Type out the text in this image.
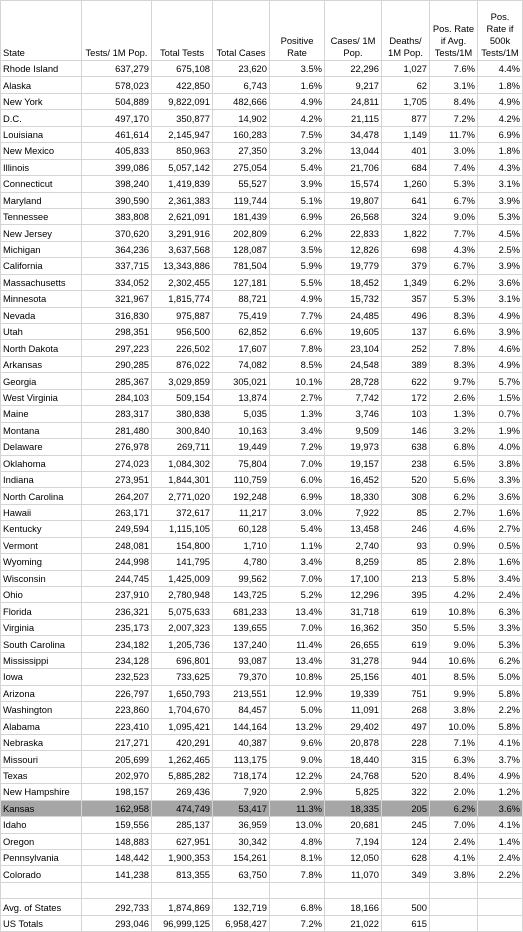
State	Tests/ 1M Pop.	Total Tests	Total Cases	Positive Rate	Cases/ 1M Pop.	Deaths/ 1M Pop.	Pos. Rate if Avg. Tests/1M	Pos. Rate if 500k Tests/1M
Rhode Island	637,279	675,108	23,620	3.5%	22,296	1,027	7.6%	4.4%
Alaska	578,023	422,850	6,743	1.6%	9,217	62	3.1%	1.8%
New York	504,889	9,822,091	482,666	4.9%	24,811	1,705	8.4%	4.9%
D.C.	497,170	350,877	14,902	4.2%	21,115	877	7.2%	4.2%
Louisiana	461,614	2,145,947	160,283	7.5%	34,478	1,149	11.7%	6.9%
New Mexico	405,833	850,963	27,350	3.2%	13,044	401	3.0%	1.8%
Illinois	399,086	5,057,142	275,054	5.4%	21,706	684	7.4%	4.3%
Connecticut	398,240	1,419,839	55,527	3.9%	15,574	1,260	5.3%	3.1%
Maryland	390,590	2,361,383	119,744	5.1%	19,807	641	6.7%	3.9%
Tennessee	383,808	2,621,091	181,439	6.9%	26,568	324	9.0%	5.3%
New Jersey	370,620	3,291,916	202,809	6.2%	22,833	1,822	7.7%	4.5%
Michigan	364,236	3,637,568	128,087	3.5%	12,826	698	4.3%	2.5%
California	337,715	13,343,886	781,504	5.9%	19,779	379	6.7%	3.9%
Massachusetts	334,052	2,302,455	127,181	5.5%	18,452	1,349	6.2%	3.6%
Minnesota	321,967	1,815,774	88,721	4.9%	15,732	357	5.3%	3.1%
Nevada	316,830	975,887	75,419	7.7%	24,485	496	8.3%	4.9%
Utah	298,351	956,500	62,852	6.6%	19,605	137	6.6%	3.9%
North Dakota	297,223	226,502	17,607	7.8%	23,104	252	7.8%	4.6%
Arkansas	290,285	876,022	74,082	8.5%	24,548	389	8.3%	4.9%
Georgia	285,367	3,029,859	305,021	10.1%	28,728	622	9.7%	5.7%
West Virginia	284,103	509,154	13,874	2.7%	7,742	172	2.6%	1.5%
Maine	283,317	380,838	5,035	1.3%	3,746	103	1.3%	0.7%
Montana	281,480	300,840	10,163	3.4%	9,509	146	3.2%	1.9%
Delaware	276,978	269,711	19,449	7.2%	19,973	638	6.8%	4.0%
Oklahoma	274,023	1,084,302	75,804	7.0%	19,157	238	6.5%	3.8%
Indiana	273,951	1,844,301	110,759	6.0%	16,452	520	5.6%	3.3%
North Carolina	264,207	2,771,020	192,248	6.9%	18,330	308	6.2%	3.6%
Hawaii	263,171	372,617	11,217	3.0%	7,922	85	2.7%	1.6%
Kentucky	249,594	1,115,105	60,128	5.4%	13,458	246	4.6%	2.7%
Vermont	248,081	154,800	1,710	1.1%	2,740	93	0.9%	0.5%
Wyoming	244,998	141,795	4,780	3.4%	8,259	85	2.8%	1.6%
Wisconsin	244,745	1,425,009	99,562	7.0%	17,100	213	5.8%	3.4%
Ohio	237,910	2,780,948	143,725	5.2%	12,296	395	4.2%	2.4%
Florida	236,321	5,075,633	681,233	13.4%	31,718	619	10.8%	6.3%
Virginia	235,173	2,007,323	139,655	7.0%	16,362	350	5.5%	3.3%
South Carolina	234,182	1,205,736	137,240	11.4%	26,655	619	9.0%	5.3%
Mississippi	234,128	696,801	93,087	13.4%	31,278	944	10.6%	6.2%
Iowa	232,523	733,625	79,370	10.8%	25,156	401	8.5%	5.0%
Arizona	226,797	1,650,793	213,551	12.9%	19,339	751	9.9%	5.8%
Washington	223,860	1,704,670	84,457	5.0%	11,091	268	3.8%	2.2%
Alabama	223,410	1,095,421	144,164	13.2%	29,402	497	10.0%	5.8%
Nebraska	217,271	420,291	40,387	9.6%	20,878	228	7.1%	4.1%
Missouri	205,699	1,262,465	113,175	9.0%	18,440	315	6.3%	3.7%
Texas	202,970	5,885,282	718,174	12.2%	24,768	520	8.4%	4.9%
New Hampshire	198,157	269,436	7,920	2.9%	5,825	322	2.0%	1.2%
Kansas	162,958	474,749	53,417	11.3%	18,335	205	6.2%	3.6%
Idaho	159,556	285,137	36,959	13.0%	20,681	245	7.0%	4.1%
Oregon	148,883	627,951	30,342	4.8%	7,194	124	2.4%	1.4%
Pennsylvania	148,442	1,900,353	154,261	8.1%	12,050	628	4.1%	2.4%
Colorado	141,238	813,355	63,750	7.8%	11,070	349	3.8%	2.2%

Avg. of States	292,733	1,874,869	132,719	6.8%	18,166	500		
US Totals	293,046	96,999,125	6,958,427	7.2%	21,022	615		
